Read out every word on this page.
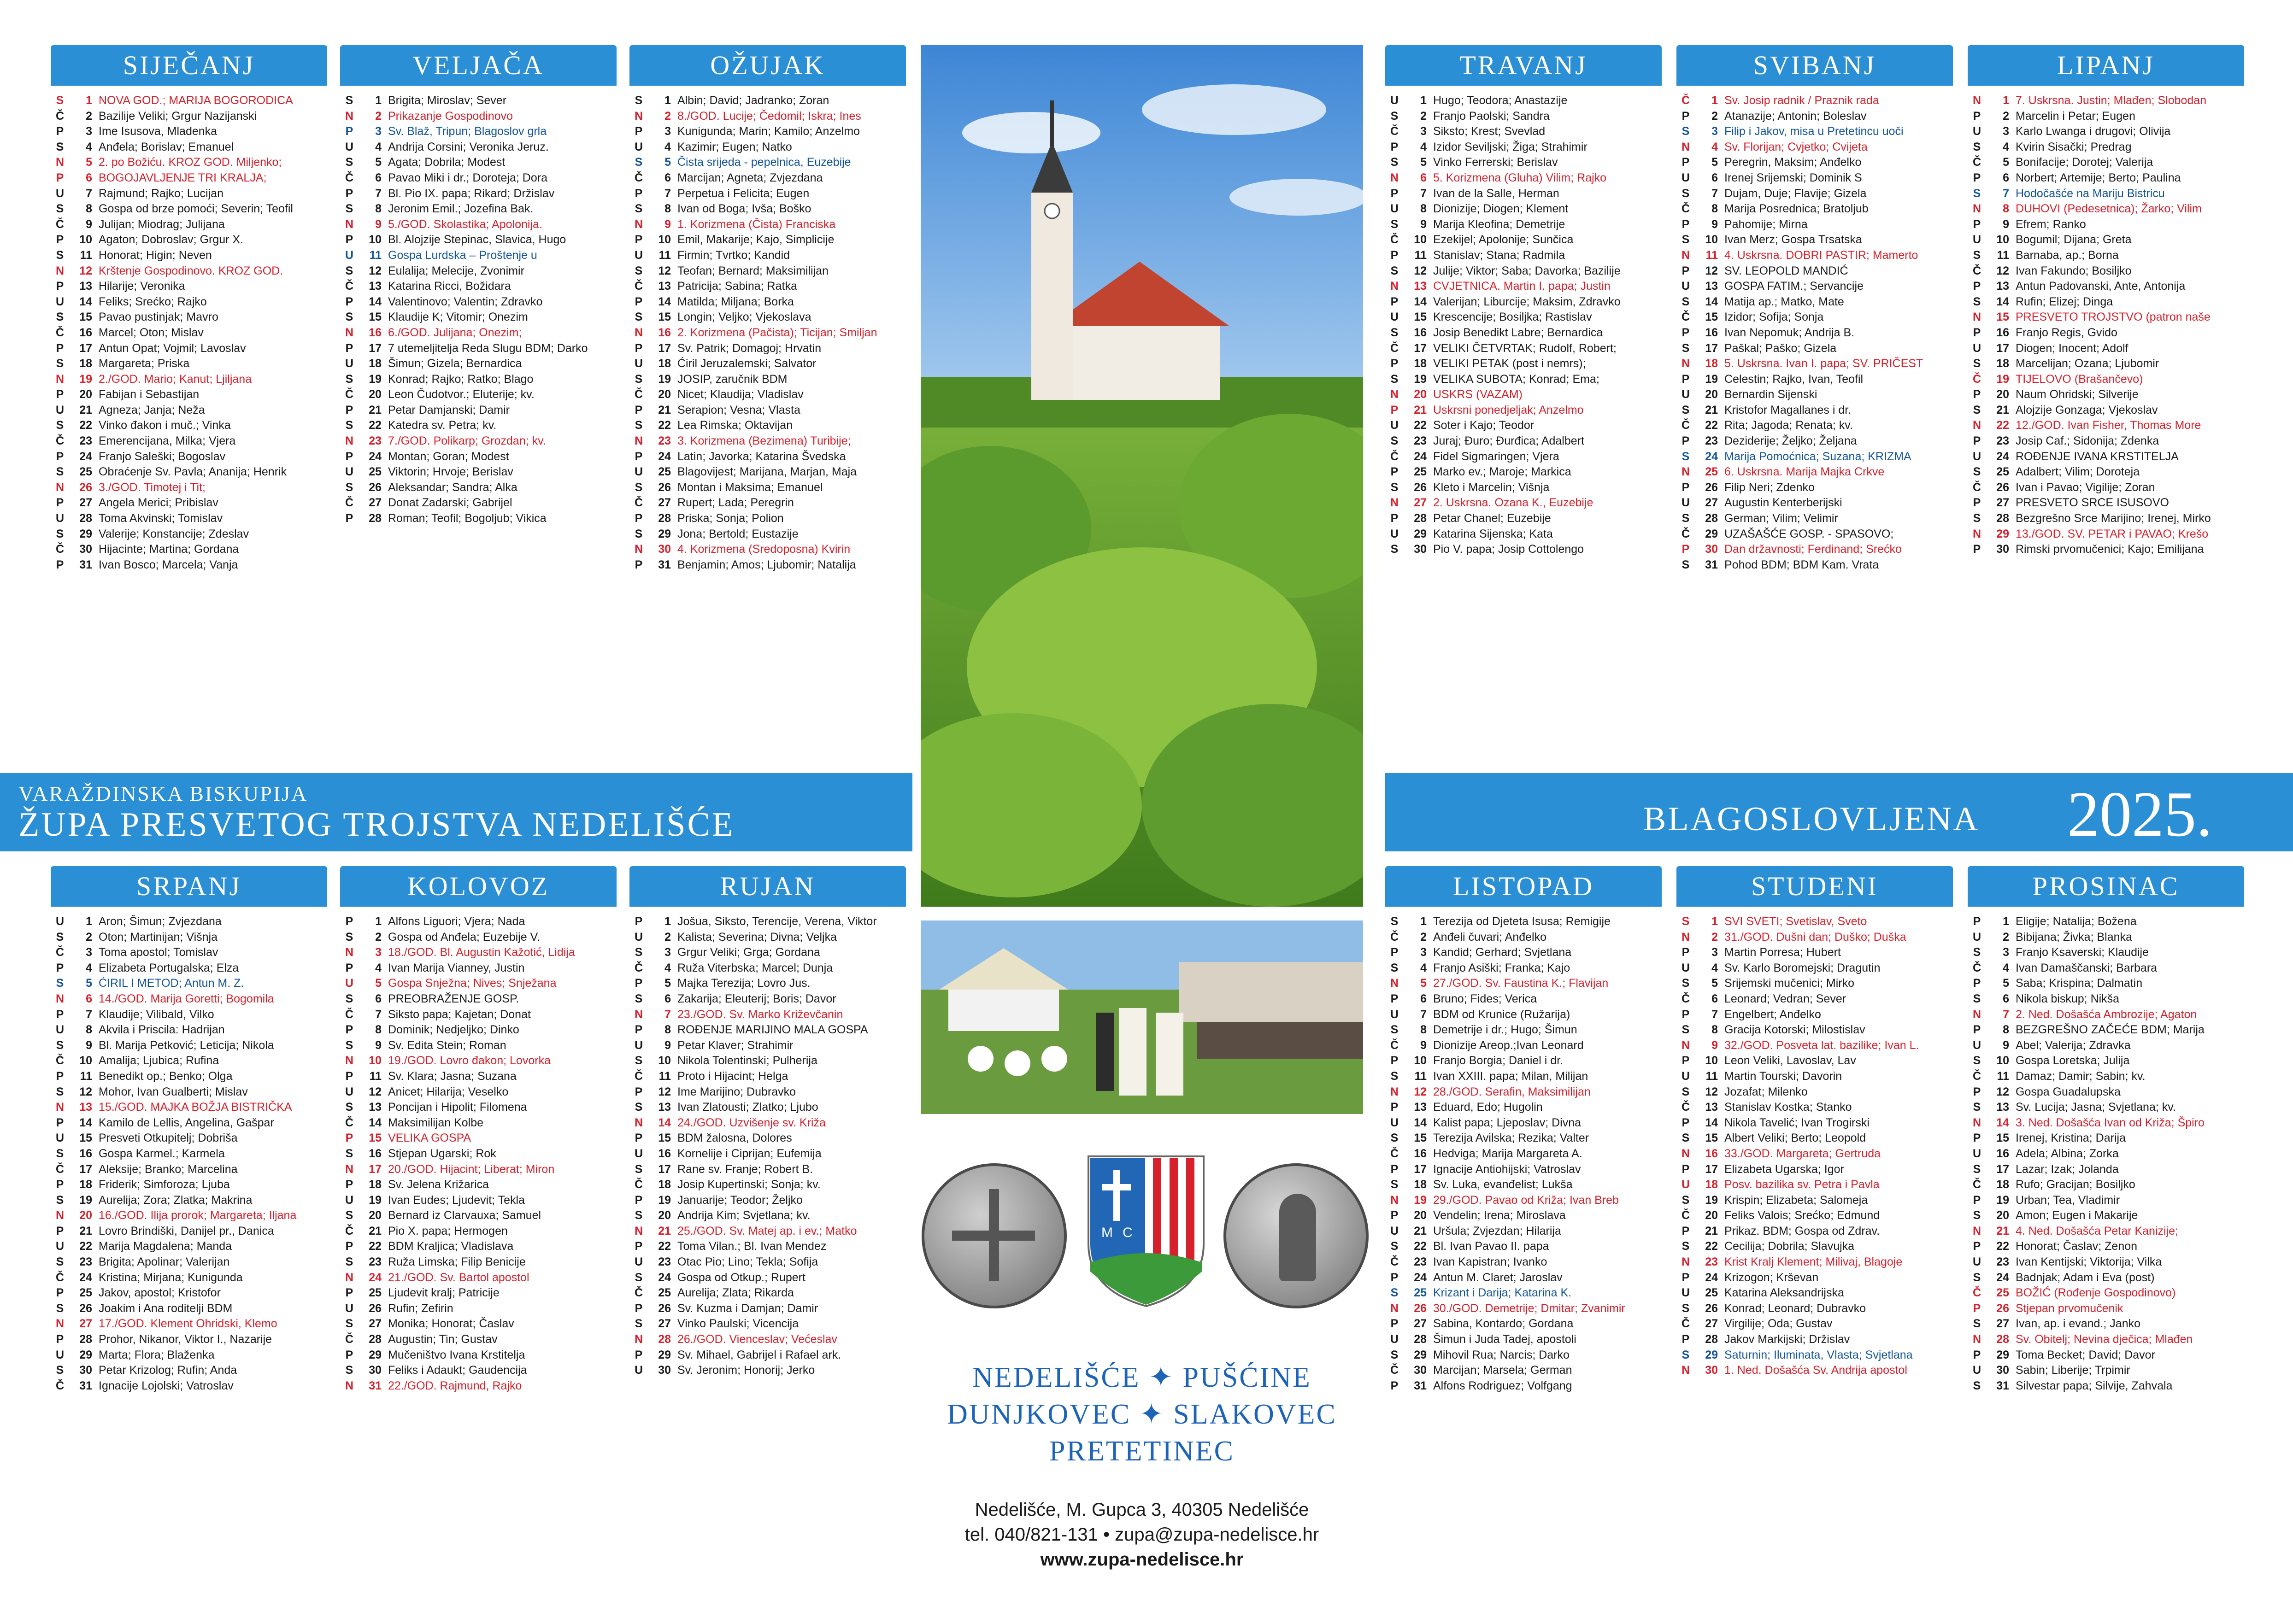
SIJEČANJ
S	1 NOVA GOD.; MARIJA BOGORODICA
Č	2 Bazilije Veliki; Grgur Nazijanski
P	3 Ime Isusova, Mladenka
S	4 Anđela; Borislav; Emanuel
N	5 2. po Božiću. KROZ GOD. Miljenko;
P	6 BOGOJAVLJENJE TRI KRALJA;
U	7 Rajmund; Rajko; Lucijan
S	8 Gospa od brze pomoći; Severin; Teofil
Č	9 Julijan; Miodrag; Julijana
P	10 Agaton; Dobroslav; Grgur X.
S	11 Honorat; Higin; Neven
N	12 Krštenje Gospodinovo. KROZ GOD.
P	13 Hilarije; Veronika
U	14 Feliks; Srećko; Rajko
S	15 Pavao pustinjak; Mavro
Č	16 Marcel; Oton; Mislav
P	17 Antun Opat; Vojmil; Lavoslav
S	18 Margareta; Priska
N	19 2./GOD. Mario; Kanut; Ljiljana
P	20 Fabijan i Sebastijan
U	21 Agneza; Janja; Neža
S	22 Vinko đakon i muč.; Vinka
Č	23 Emerencijana, Milka; Vjera
P	24 Franjo Saleški; Bogoslav
S	25 Obraćenje Sv. Pavla; Ananija; Henrik
N	26 3./GOD. Timotej i Tit;
P	27 Angela Merici; Pribislav
U	28 Toma Akvinski; Tomislav
S	29 Valerije; Konstancije; Zdeslav
Č	30 Hijacinte; Martina; Gordana
P	31 Ivan Bosco; Marcela; Vanja
VELJAČA
S	1 Brigita; Miroslav; Sever
N	2 Prikazanje Gospodinovo
P	3 Sv. Blaž, Tripun; Blagoslov grla
U	4 Andrija Corsini; Veronika Jeruz.
S	5 Agata; Dobrila; Modest
Č	6 Pavao Miki i dr.; Doroteja; Dora
P	7 Bl. Pio IX. papa; Rikard; Držislav
S	8 Jeronim Emil.; Jozefina Bak.
N	9 5./GOD. Skolastika; Apolonija.
P	10 Bl. Alojzije Stepinac, Slavica, Hugo
U	11 Gospa Lurdska – Proštenje u
S	12 Eulalija; Melecije, Zvonimir
Č	13 Katarina Ricci, Božidara
P	14 Valentinovo; Valentin; Zdravko
S	15 Klaudije K; Vitomir; Onezim
N	16 6./GOD. Julijana; Onezim;
P	17 7 utemeljitelja Reda Slugu BDM; Darko
U	18 Šimun; Gizela; Bernardica
S	19 Konrad; Rajko; Ratko; Blago
Č	20 Leon Čudotvor.; Eluterije; kv.
P	21 Petar Damjanski; Damir
S	22 Katedra sv. Petra; kv.
N	23 7./GOD. Polikarp; Grozdan; kv.
P	24 Montan; Goran; Modest
U	25 Viktorin; Hrvoje; Berislav
S	26 Aleksandar; Sandra; Alka
Č	27 Donat Zadarski; Gabrijel
P	28 Roman; Teofil; Bogoljub; Vikica
OŽUJAK
S	1 Albin; David; Jadranko; Zoran
N	2 8./GOD. Lucije; Čedomil; Iskra; Ines
P	3 Kunigunda; Marin; Kamilo; Anzelmo
U	4 Kazimir; Eugen; Natko
S	5 Čista srijeda - pepelnica, Euzebije
Č	6 Marcijan; Agneta; Zvjezdana
P	7 Perpetua i Felicita; Eugen
S	8 Ivan od Boga; Ivša; Boško
N	9 1. Korizmena (Čista) Franciska
P	10 Emil, Makarije; Kajo, Simplicije
U	11 Firmin; Tvrtko; Kandid
S	12 Teofan; Bernard; Maksimilijan
Č	13 Patricija; Sabina; Ratka
P	14 Matilda; Miljana; Borka
S	15 Longin; Veljko; Vjekoslava
N	16 2. Korizmena (Pačista); Ticijan; Smiljan
P	17 Sv. Patrik; Domagoj; Hrvatin
U	18 Ćiril Jeruzalemski; Salvator
S	19 JOSIP, zaručnik BDM
Č	20 Nicet; Klaudija; Vladislav
P	21 Serapion; Vesna; Vlasta
S	22 Lea Rimska; Oktavijan
N	23 3. Korizmena (Bezimena) Turibije;
P	24 Latin; Javorka; Katarina Švedska
U	25 Blagovijest; Marijana, Marjan, Maja
S	26 Montan i Maksima; Emanuel
Č	27 Rupert; Lada; Peregrin
P	28 Priska; Sonja; Polion
S	29 Jona; Bertold; Eustazije
N	30 4. Korizmena (Sredoposna) Kvirin
P	31 Benjamin; Amos; Ljubomir; Natalija
TRAVANJ
U	1 Hugo; Teodora; Anastazije
S	2 Franjo Paolski; Sandra
Č	3 Siksto; Krest; Svevlad
P	4 Izidor Seviljski; Žiga; Strahimir
S	5 Vinko Ferrerski; Berislav
N	6 5. Korizmena (Gluha) Vilim; Rajko
P	7 Ivan de la Salle, Herman
U	8 Dionizije; Diogen; Klement
S	9 Marija Kleofina; Demetrije
Č	10 Ezekijel; Apolonije; Sunčica
P	11 Stanislav; Stana; Radmila
S	12 Julije; Viktor; Saba; Davorka; Bazilije
N	13 CVJETNICA. Martin I. papa; Justin
P	14 Valerijan; Liburcije; Maksim, Zdravko
U	15 Krescencije; Bosiljka; Rastislav
S	16 Josip Benedikt Labre; Bernardica
Č	17 VELIKI ČETVRTAK; Rudolf, Robert;
P	18 VELIKI PETAK (post i nemrs);
S	19 VELIKA SUBOTA; Konrad; Ema;
N	20 USKRS (VAZAM)
P	21 Uskrsni ponedjeljak; Anzelmo
U	22 Soter i Kajo; Teodor
S	23 Juraj; Đuro; Đurđica; Adalbert
Č	24 Fidel Sigmaringen; Vjera
P	25 Marko ev.; Maroje; Markica
S	26 Kleto i Marcelin; Višnja
N	27 2. Uskrsna. Ozana K., Euzebije
P	28 Petar Chanel; Euzebije
U	29 Katarina Sijenska; Kata
S	30 Pio V. papa; Josip Cottolengo
SVIBANJ
Č	1 Sv. Josip radnik / Praznik rada
P	2 Atanazije; Antonin; Boleslav
S	3 Filip i Jakov, misa u Pretetincu uoči
N	4 Sv. Florijan; Cvjetko; Cvijeta
P	5 Peregrin, Maksim; Anđelko
U	6 Irenej Srijemski; Dominik S
S	7 Dujam, Duje; Flavije; Gizela
Č	8 Marija Posrednica; Bratoljub
P	9 Pahomije; Mirna
S	10 Ivan Merz; Gospa Trsatska
N	11 4. Uskrsna. DOBRI PASTIR; Mamerto
P	12 SV. LEOPOLD MANDIĆ
U	13 GOSPA FATIM.; Servancije
S	14 Matija ap.; Matko, Mate
Č	15 Izidor; Sofija; Sonja
P	16 Ivan Nepomuk; Andrija B.
S	17 Paškal; Paško; Gizela
N	18 5. Uskrsna. Ivan I. papa; SV. PRIČEST
P	19 Celestin; Rajko, Ivan, Teofil
U	20 Bernardin Sijenski
S	21 Kristofor Magallanes i dr.
Č	22 Rita; Jagoda; Renata; kv.
P	23 Deziderije; Željko; Željana
S	24 Marija Pomoćnica; Suzana; KRIZMA
N	25 6. Uskrsna. Marija Majka Crkve
P	26 Filip Neri; Zdenko
U	27 Augustin Kenterberijski
S	28 German; Vilim; Velimir
Č	29 UZAŠAŠĆE GOSP. - SPASOVO;
P	30 Dan državnosti; Ferdinand; Srećko
S	31 Pohod BDM; BDM Kam. Vrata
LIPANJ
N	1 7. Uskrsna. Justin; Mlađen; Slobodan
P	2 Marcelin i Petar; Eugen
U	3 Karlo Lwanga i drugovi; Olivija
S	4 Kvirin Sisački; Predrag
Č	5 Bonifacije; Dorotej; Valerija
P	6 Norbert; Artemije; Berto; Paulina
S	7 Hodočašće na Mariju Bistricu
N	8 DUHOVI (Pedesetnica); Žarko; Vilim
P	9 Efrem; Ranko
U	10 Bogumil; Dijana; Greta
S	11 Barnaba, ap.; Borna
Č	12 Ivan Fakundo; Bosiljko
P	13 Antun Padovanski, Ante, Antonija
S	14 Rufin; Elizej; Dinga
N	15 PRESVETO TROJSTVO (patron naše
P	16 Franjo Regis, Gvido
U	17 Diogen; Inocent; Adolf
S	18 Marcelijan; Ozana; Ljubomir
Č	19 TIJELOVO (Brašančevo)
P	20 Naum Ohridski; Silverije
S	21 Alojzije Gonzaga; Vjekoslav
N	22 12./GOD. Ivan Fisher, Thomas More
P	23 Josip Caf.; Sidonija; Zdenka
U	24 ROĐENJE IVANA KRSTITELJA
S	25 Adalbert; Vilim; Doroteja
Č	26 Ivan i Pavao; Vigilije; Zoran
P	27 PRESVETO SRCE ISUSOVO
S	28 Bezgrešno Srce Marijino; Irenej, Mirko
N	29 13./GOD. SV. PETAR i PAVAO; Krešo
P	30 Rimski prvomučenici; Kajo; Emilijana
SRPANJ
U	1 Aron; Šimun; Zvjezdana
S	2 Oton; Martinijan; Višnja
Č	3 Toma apostol; Tomislav
P	4 Elizabeta Portugalska; Elza
S	5 ĆIRIL I METOD; Antun M. Z.
N	6 14./GOD. Marija Goretti; Bogomila
P	7 Klaudije; Vilibald, Vilko
U	8 Akvila i Priscila: Hadrijan
S	9 Bl. Marija Petković; Leticija; Nikola
Č	10 Amalija; Ljubica; Rufina
P	11 Benedikt op.; Benko; Olga
S	12 Mohor, Ivan Gualberti; Mislav
N	13 15./GOD. MAJKA BOŽJA BISTRIČKA
P	14 Kamilo de Lellis, Angelina, Gašpar
U	15 Presveti Otkupitelj; Dobriša
S	16 Gospa Karmel.; Karmela
Č	17 Aleksije; Branko; Marcelina
P	18 Friderik; Simforoza; Ljuba
S	19 Aurelija; Zora; Zlatka; Makrina
N	20 16./GOD. Ilija prorok; Margareta; Iljana
P	21 Lovro Brindiški, Danijel pr., Danica
U	22 Marija Magdalena; Manda
S	23 Brigita; Apolinar; Valerijan
Č	24 Kristina; Mirjana; Kunigunda
P	25 Jakov, apostol; Kristofor
S	26 Joakim i Ana roditelji BDM
N	27 17./GOD. Klement Ohridski, Klemo
P	28 Prohor, Nikanor, Viktor I., Nazarije
U	29 Marta; Flora; Blaženka
S	30 Petar Krizolog; Rufin; Anda
Č	31 Ignacije Lojolski; Vatroslav
KOLOVOZ
P	1 Alfons Liguori; Vjera; Nada
S	2 Gospa od Anđela; Euzebije V.
N	3 18./GOD. Bl. Augustin Kažotić, Lidija
P	4 Ivan Marija Vianney, Justin
U	5 Gospa Snježna; Nives; Snježana
S	6 PREOBRAŽENJE GOSP.
Č	7 Siksto papa; Kajetan; Donat
P	8 Dominik; Nedjeljko; Dinko
S	9 Sv. Edita Stein; Roman
N	10 19./GOD. Lovro đakon; Lovorka
P	11 Sv. Klara; Jasna; Suzana
U	12 Anicet; Hilarija; Veselko
S	13 Poncijan i Hipolit; Filomena
Č	14 Maksimilijan Kolbe
P	15 VELIKA GOSPA
S	16 Stjepan Ugarski; Rok
N	17 20./GOD. Hijacint; Liberat; Miron
P	18 Sv. Jelena Križarica
U	19 Ivan Eudes; Ljudevit; Tekla
S	20 Bernard iz Clarvauxa; Samuel
Č	21 Pio X. papa; Hermogen
P	22 BDM Kraljica; Vladislava
S	23 Ruža Limska; Filip Benicije
N	24 21./GOD. Sv. Bartol apostol
P	25 Ljudevit kralj; Patricije
U	26 Rufin; Zefirin
S	27 Monika; Honorat; Časlav
Č	28 Augustin; Tin; Gustav
P	29 Mučeništvo Ivana Krstitelja
S	30 Feliks i Adaukt; Gaudencija
N	31 22./GOD. Rajmund, Rajko
RUJAN
P	1 Jošua, Siksto, Terencije, Verena, Viktor
U	2 Kalista; Severina; Divna; Veljka
S	3 Grgur Veliki; Grga; Gordana
Č	4 Ruža Viterbska; Marcel; Dunja
P	5 Majka Terezija; Lovro Jus.
S	6 Zakarija; Eleuterij; Boris; Davor
N	7 23./GOD. Sv. Marko Križevčanin
P	8 ROĐENJE MARIJINO MALA GOSPA
U	9 Petar Klaver; Strahimir
S	10 Nikola Tolentinski; Pulherija
Č	11 Proto i Hijacint; Helga
P	12 Ime Marijino; Dubravko
S	13 Ivan Zlatousti; Zlatko; Ljubo
N	14 24./GOD. Uzvišenje sv. Križa
P	15 BDM žalosna, Dolores
U	16 Kornelije i Ciprijan; Eufemija
S	17 Rane sv. Franje; Robert B.
Č	18 Josip Kupertinski; Sonja; kv.
P	19 Januarije; Teodor; Željko
S	20 Andrija Kim; Svjetlana; kv.
N	21 25./GOD. Sv. Matej ap. i ev.; Matko
P	22 Toma Vilan.; Bl. Ivan Mendez
U	23 Otac Pio; Lino; Tekla; Sofija
S	24 Gospa od Otkup.; Rupert
Č	25 Aurelija; Zlata; Rikarda
P	26 Sv. Kuzma i Damjan; Damir
S	27 Vinko Paulski; Vicencija
N	28 26./GOD. Vienceslav; Većeslav
P	29 Sv. Mihael, Gabrijel i Rafael ark.
U	30 Sv. Jeronim; Honorij; Jerko
LISTOPAD
S	1 Terezija od Djeteta Isusa; Remigije
Č	2 Anđeli čuvari; Anđelko
P	3 Kandid; Gerhard; Svjetlana
S	4 Franjo Asiški; Franka; Kajo
N	5 27./GOD. Sv. Faustina K.; Flavijan
P	6 Bruno; Fides; Verica
U	7 BDM od Krunice (Ružarija)
S	8 Demetrije i dr.; Hugo; Šimun
Č	9 Dionizije Areop.;Ivan Leonard
P	10 Franjo Borgia; Daniel i dr.
S	11 Ivan XXIII. papa; Milan, Milijan
N	12 28./GOD. Serafin, Maksimilijan
P	13 Eduard, Edo; Hugolin
U	14 Kalist papa; Ljeposlav; Divna
S	15 Terezija Avilska; Rezika; Valter
Č	16 Hedviga; Marija Margareta A.
P	17 Ignacije Antiohijski; Vatroslav
S	18 Sv. Luka, evanđelist; Lukša
N	19 29./GOD. Pavao od Križa; Ivan Breb
P	20 Vendelin; Irena; Miroslava
U	21 Uršula; Zvjezdan; Hilarija
S	22 Bl. Ivan Pavao II. papa
Č	23 Ivan Kapistran; Ivanko
P	24 Antun M. Claret; Jaroslav
S	25 Krizant i Darija; Katarina K.
N	26 30./GOD. Demetrije; Dmitar; Zvanimir
P	27 Sabina, Kontardo; Gordana
U	28 Šimun i Juda Tadej, apostoli
S	29 Mihovil Rua; Narcis; Darko
Č	30 Marcijan; Marsela; German
P	31 Alfons Rodriguez; Volfgang
STUDENI
S	1 SVI SVETI; Svetislav, Sveto
N	2 31./GOD. Dušni dan; Duško; Duška
P	3 Martin Porresa; Hubert
U	4 Sv. Karlo Boromejski; Dragutin
S	5 Srijemski mučenici; Mirko
Č	6 Leonard; Vedran; Sever
P	7 Engelbert; Anđelko
S	8 Gracija Kotorski; Milostislav
N	9 32./GOD. Posveta lat. bazilike; Ivan L.
P	10 Leon Veliki, Lavoslav, Lav
U	11 Martin Tourski; Davorin
S	12 Jozafat; Milenko
Č	13 Stanislav Kostka; Stanko
P	14 Nikola Tavelić; Ivan Trogirski
S	15 Albert Veliki; Berto; Leopold
N	16 33./GOD. Margareta; Gertruda
P	17 Elizabeta Ugarska; Igor
U	18 Posv. bazilika sv. Petra i Pavla
S	19 Krispin; Elizabeta; Salomeja
Č	20 Feliks Valois; Srećko; Edmund
P	21 Prikaz. BDM; Gospa od Zdrav.
S	22 Cecilija; Dobrila; Slavujka
N	23 Krist Kralj Klement; Milivaj, Blagoje
P	24 Krizogon; Krševan
U	25 Katarina Aleksandrijska
S	26 Konrad; Leonard; Dubravko
Č	27 Virgilije; Oda; Gustav
P	28 Jakov Markijski; Držislav
S	29 Saturnin; Iluminata, Vlasta; Svjetlana
N	30 1. Ned. Došašća Sv. Andrija apostol
PROSINAC
P	1 Eligije; Natalija; Božena
U	2 Bibijana; Živka; Blanka
S	3 Franjo Ksaverski; Klaudije
Č	4 Ivan Damaščanski; Barbara
P	5 Saba; Krispina; Dalmatin
S	6 Nikola biskup; Nikša
N	7 2. Ned. Došašća Ambrozije; Agaton
P	8 BEZGREŠNO ZAČEĆE BDM; Marija
U	9 Abel; Valerija; Zdravka
S	10 Gospa Loretska; Julija
Č	11 Damaz; Damir; Sabin; kv.
P	12 Gospa Guadalupska
S	13 Sv. Lucija; Jasna; Svjetlana; kv.
N	14 3. Ned. Došašća Ivan od Križa; Špiro
P	15 Irenej, Kristina; Darija
U	16 Adela; Albina; Zorka
S	17 Lazar; Izak; Jolanda
Č	18 Rufo; Gracijan; Bosiljko
P	19 Urban; Tea, Vladimir
S	20 Amon; Eugen i Makarije
N	21 4. Ned. Došašća Petar Kanizije;
P	22 Honorat; Časlav; Zenon
U	23 Ivan Kentijski; Viktorija; Vilka
S	24 Badnjak; Adam i Eva (post)
Č	25 BOŽIĆ (Rođenje Gospodinovo)
P	26 Stjepan prvomučenik
S	27 Ivan, ap. i evand.; Janko
N	28 Sv. Obitelj; Nevina dječica; Mlađen
P	29 Toma Becket; David; Davor
U	30 Sabin; Liberije; Trpimir
S	31 Silvestar papa; Silvije, Zahvala
VARAŽDINSKA BISKUPIJA
ŽUPA PRESVETOG TROJSTVA NEDELIŠĆE	BLAGOSLOVLJENA 2025.
M C
NEDELIŠĆE ✦ PUŠĆINE
DUNJKOVEC ✦ SLAKOVEC
PRETETINEC
Nedelišće, M. Gupca 3, 40305 Nedelišće
tel. 040/821-131 • zupa@zupa-nedelisce.hr
www.zupa-nedelisce.hr
